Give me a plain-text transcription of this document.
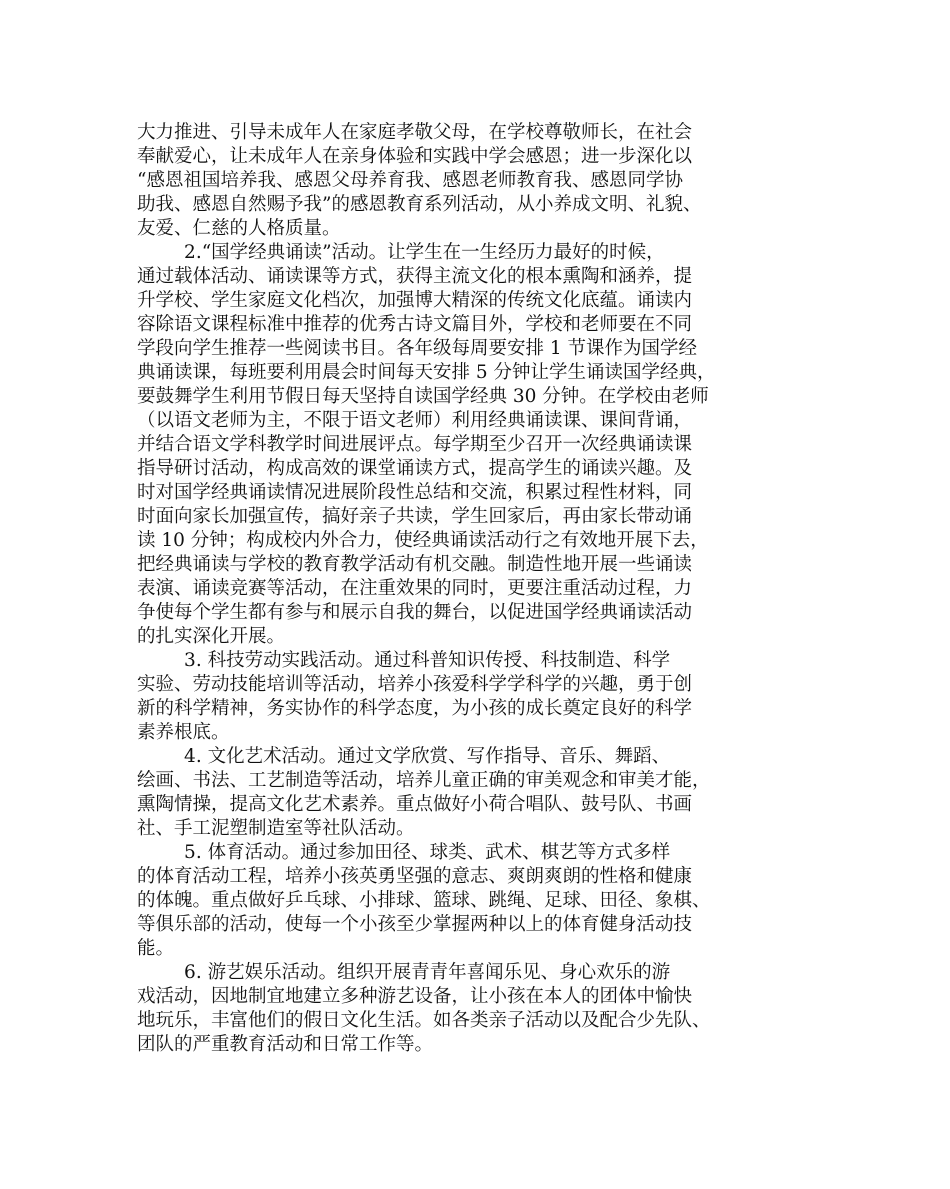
大力推进、引导未成年人在家庭孝敬父母，在学校尊敬师长，在社会
奉献爱心，让未成年人在亲身体验和实践中学会感恩；进一步深化以
“感恩祖国培养我、感恩父母养育我、感恩老师教育我、感恩同学协
助我、感恩自然赐予我”的感恩教育系列活动，从小养成文明、礼貌、
友爱、仁慈的人格质量。
2.“国学经典诵读”活动。让学生在一生经历力最好的时候，
通过载体活动、诵读课等方式，获得主流文化的根本熏陶和涵养，提
升学校、学生家庭文化档次，加强博大精深的传统文化底蕴。诵读内
容除语文课程标准中推荐的优秀古诗文篇目外，学校和老师要在不同
学段向学生推荐一些阅读书目。各年级每周要安排 1 节课作为国学经
典诵读课，每班要利用晨会时间每天安排 5 分钟让学生诵读国学经典，
要鼓舞学生利用节假日每天坚持自读国学经典 30 分钟。在学校由老师
（以语文老师为主，不限于语文老师）利用经典诵读课、课间背诵，
并结合语文学科教学时间进展评点。每学期至少召开一次经典诵读课
指导研讨活动，构成高效的课堂诵读方式，提高学生的诵读兴趣。及
时对国学经典诵读情况进展阶段性总结和交流，积累过程性材料，同
时面向家长加强宣传，搞好亲子共读，学生回家后，再由家长带动诵
读 10 分钟；构成校内外合力，使经典诵读活动行之有效地开展下去，
把经典诵读与学校的教育教学活动有机交融。制造性地开展一些诵读
表演、诵读竞赛等活动，在注重效果的同时，更要注重活动过程，力
争使每个学生都有参与和展示自我的舞台，以促进国学经典诵读活动
的扎实深化开展。
3. 科技劳动实践活动。通过科普知识传授、科技制造、科学
实验、劳动技能培训等活动，培养小孩爱科学学科学的兴趣，勇于创
新的科学精神，务实协作的科学态度，为小孩的成长奠定良好的科学
素养根底。
4. 文化艺术活动。通过文学欣赏、写作指导、音乐、舞蹈、
绘画、书法、工艺制造等活动，培养儿童正确的审美观念和审美才能，
熏陶情操，提高文化艺术素养。重点做好小荷合唱队、鼓号队、书画
社、手工泥塑制造室等社队活动。
5. 体育活动。通过参加田径、球类、武术、棋艺等方式多样
的体育活动工程，培养小孩英勇坚强的意志、爽朗爽朗的性格和健康
的体魄。重点做好乒乓球、小排球、篮球、跳绳、足球、田径、象棋、
等俱乐部的活动，使每一个小孩至少掌握两种以上的体育健身活动技
能。
6. 游艺娱乐活动。组织开展青青年喜闻乐见、身心欢乐的游
戏活动，因地制宜地建立多种游艺设备，让小孩在本人的团体中愉快
地玩乐，丰富他们的假日文化生活。如各类亲子活动以及配合少先队、
团队的严重教育活动和日常工作等。
